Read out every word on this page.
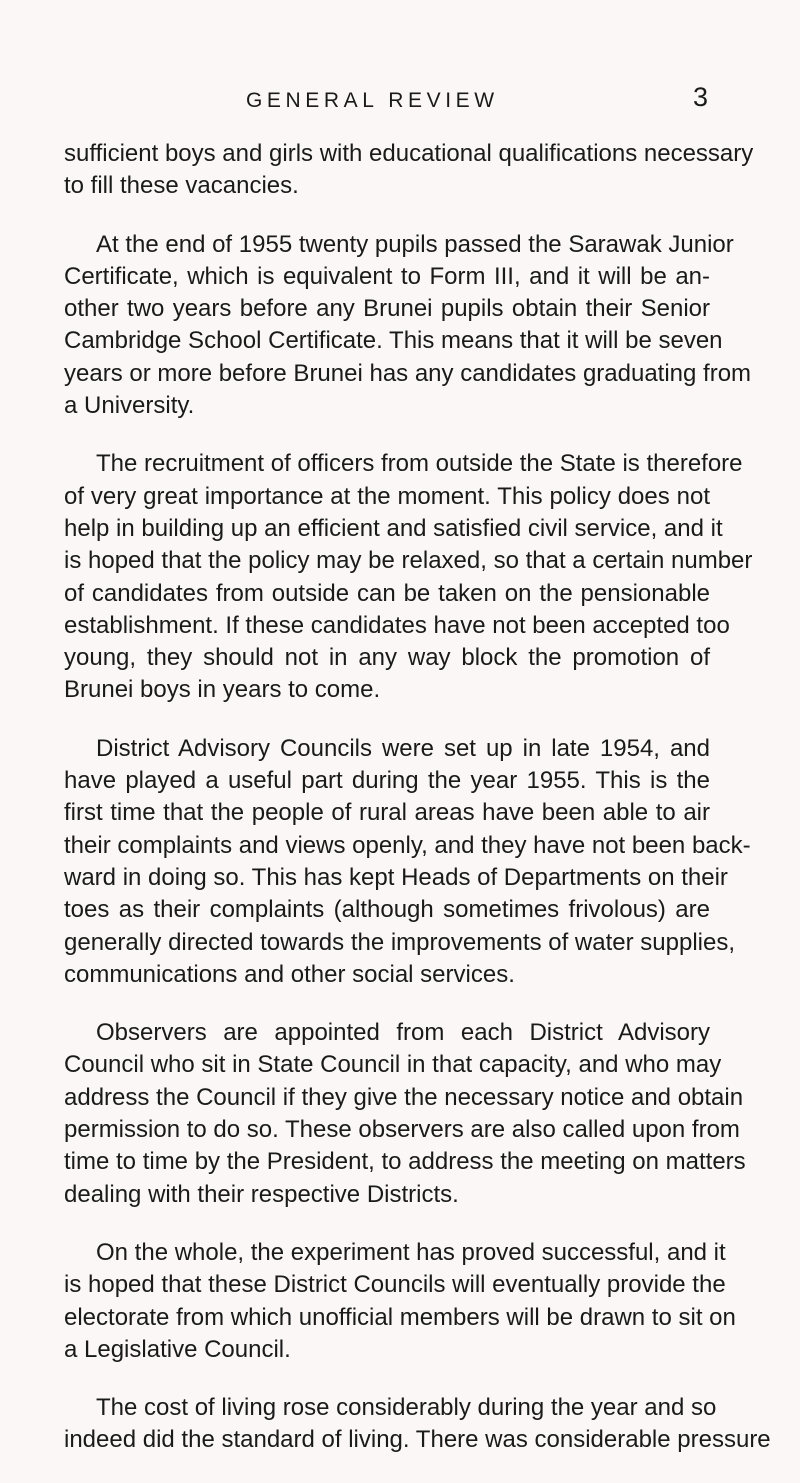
GENERAL REVIEW	3

sufficient boys and girls with educational qualifications necessary
to fill these vacancies.

At the end of 1955 twenty pupils passed the Sarawak Junior
Certificate, which is equivalent to Form III, and it will be an-
other two years before any Brunei pupils obtain their Senior
Cambridge School Certificate. This means that it will be seven
years or more before Brunei has any candidates graduating from
a University.

The recruitment of officers from outside the State is therefore
of very great importance at the moment. This policy does not
help in building up an efficient and satisfied civil service, and it
is hoped that the policy may be relaxed, so that a certain number
of candidates from outside can be taken on the pensionable
establishment. If these candidates have not been accepted too
young, they should not in any way block the promotion of
Brunei boys in years to come.

District Advisory Councils were set up in late 1954, and
have played a useful part during the year 1955. This is the
first time that the people of rural areas have been able to air
their complaints and views openly, and they have not been back-
ward in doing so. This has kept Heads of Departments on their
toes as their complaints (although sometimes frivolous) are
generally directed towards the improvements of water supplies,
communications and other social services.

Observers are appointed from each District Advisory
Council who sit in State Council in that capacity, and who may
address the Council if they give the necessary notice and obtain
permission to do so. These observers are also called upon from
time to time by the President, to address the meeting on matters
dealing with their respective Districts.

On the whole, the experiment has proved successful, and it
is hoped that these District Councils will eventually provide the
electorate from which unofficial members will be drawn to sit on
a Legislative Council.

The cost of living rose considerably during the year and so
indeed did the standard of living. There was considerable pressure
